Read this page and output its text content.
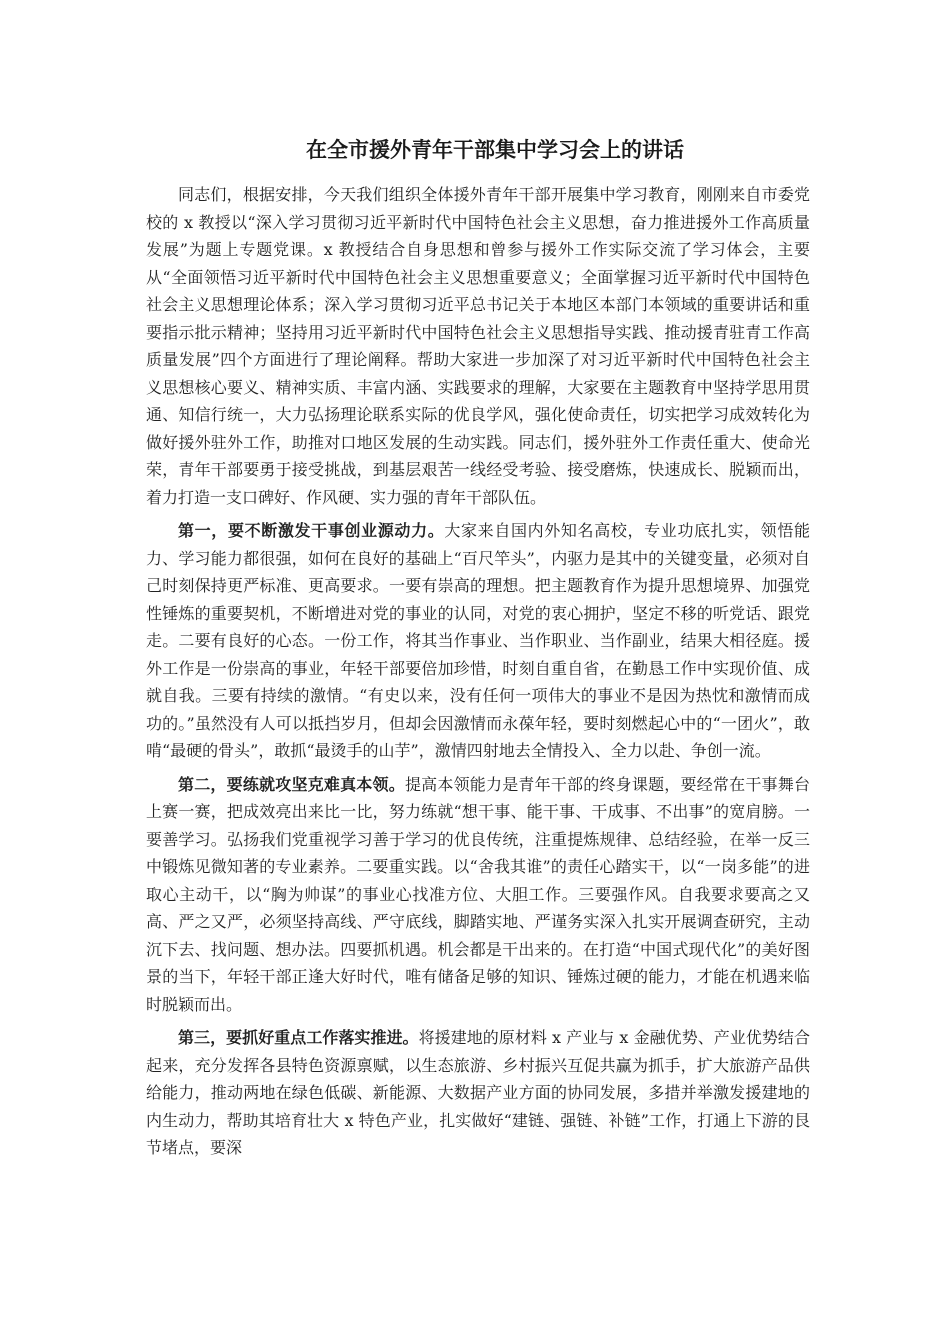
在全市援外青年干部集中学习会上的讲话

同志们，根据安排，今天我们组织全体援外青年干部开展集中学习教育，刚刚来自市委党校的 x 教授以“深入学习贯彻习近平新时代中国特色社会主义思想，奋力推进援外工作高质量发展”为题上专题党课。x 教授结合自身思想和曾参与援外工作实际交流了学习体会，主要从“全面领悟习近平新时代中国特色社会主义思想重要意义；全面掌握习近平新时代中国特色社会主义思想理论体系；深入学习贯彻习近平总书记关于本地区本部门本领域的重要讲话和重要指示批示精神；坚持用习近平新时代中国特色社会主义思想指导实践、推动援青驻青工作高质量发展”四个方面进行了理论阐释。帮助大家进一步加深了对习近平新时代中国特色社会主义思想核心要义、精神实质、丰富内涵、实践要求的理解，大家要在主题教育中坚持学思用贯通、知信行统一，大力弘扬理论联系实际的优良学风，强化使命责任，切实把学习成效转化为做好援外驻外工作，助推对口地区发展的生动实践。同志们，援外驻外工作责任重大、使命光荣，青年干部要勇于接受挑战，到基层艰苦一线经受考验、接受磨炼，快速成长、脱颖而出，着力打造一支口碑好、作风硬、实力强的青年干部队伍。

第一，要不断激发干事创业源动力。大家来自国内外知名高校，专业功底扎实，领悟能力、学习能力都很强，如何在良好的基础上“百尺竿头”，内驱力是其中的关键变量，必须对自己时刻保持更严标准、更高要求。一要有崇高的理想。把主题教育作为提升思想境界、加强党性锤炼的重要契机，不断增进对党的事业的认同，对党的衷心拥护，坚定不移的听党话、跟党走。二要有良好的心态。一份工作，将其当作事业、当作职业、当作副业，结果大相径庭。援外工作是一份崇高的事业，年轻干部要倍加珍惜，时刻自重自省，在勤恳工作中实现价值、成就自我。三要有持续的激情。“有史以来，没有任何一项伟大的事业不是因为热忱和激情而成功的。”虽然没有人可以抵挡岁月，但却会因激情而永葆年轻，要时刻燃起心中的“一团火”，敢啃“最硬的骨头”，敢抓“最烫手的山芋”，激情四射地去全情投入、全力以赴、争创一流。

第二，要练就攻坚克难真本领。提高本领能力是青年干部的终身课题，要经常在干事舞台上赛一赛，把成效亮出来比一比，努力练就“想干事、能干事、干成事、不出事”的宽肩膀。一要善学习。弘扬我们党重视学习善于学习的优良传统，注重提炼规律、总结经验，在举一反三中锻炼见微知著的专业素养。二要重实践。以“舍我其谁”的责任心踏实干，以“一岗多能”的进取心主动干，以“胸为帅谋”的事业心找准方位、大胆工作。三要强作风。自我要求要高之又高、严之又严，必须坚持高线、严守底线，脚踏实地、严谨务实深入扎实开展调查研究，主动沉下去、找问题、想办法。四要抓机遇。机会都是干出来的。在打造“中国式现代化”的美好图景的当下，年轻干部正逢大好时代，唯有储备足够的知识、锤炼过硬的能力，才能在机遇来临时脱颖而出。

第三，要抓好重点工作落实推进。将援建地的原材料 x 产业与 x 金融优势、产业优势结合起来，充分发挥各县特色资源禀赋，以生态旅游、乡村振兴互促共赢为抓手，扩大旅游产品供给能力，推动两地在绿色低碳、新能源、大数据产业方面的协同发展，多措并举激发援建地的内生动力，帮助其培育壮大 x 特色产业，扎实做好“建链、强链、补链”工作，打通上下游的艮节堵点，要深
